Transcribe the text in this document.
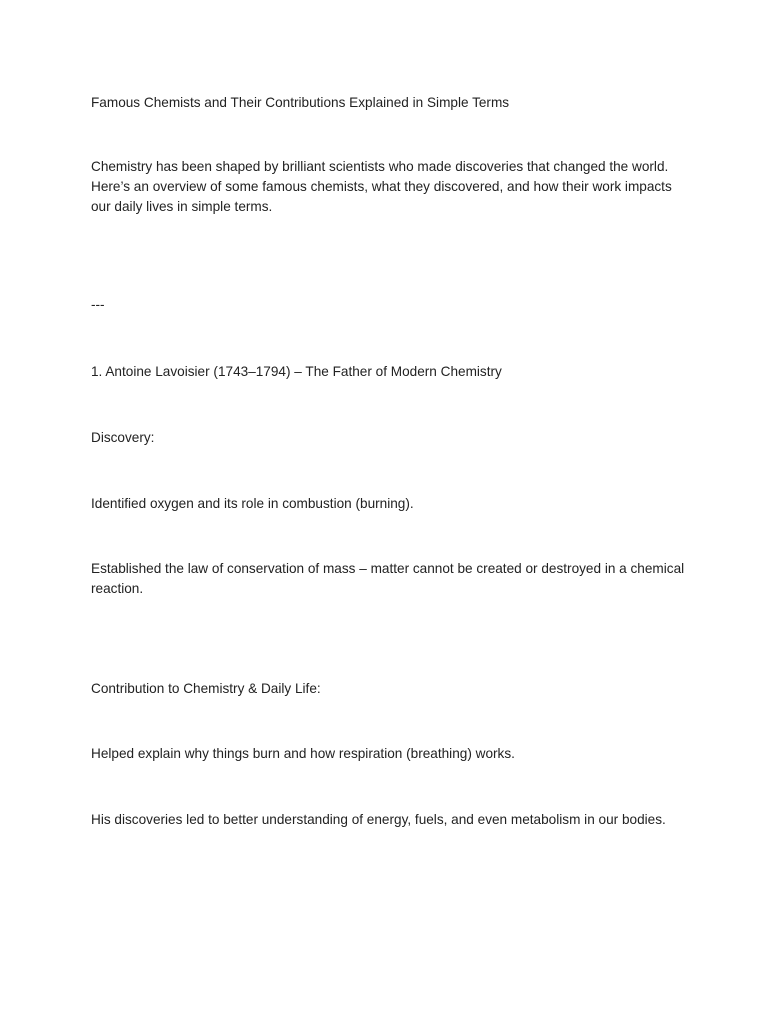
Famous Chemists and Their Contributions Explained in Simple Terms

Chemistry has been shaped by brilliant scientists who made discoveries that changed the world. Here’s an overview of some famous chemists, what they discovered, and how their work impacts our daily lives in simple terms.

---

1. Antoine Lavoisier (1743–1794) – The Father of Modern Chemistry

Discovery:

Identified oxygen and its role in combustion (burning).

Established the law of conservation of mass – matter cannot be created or destroyed in a chemical reaction.

Contribution to Chemistry & Daily Life:

Helped explain why things burn and how respiration (breathing) works.

His discoveries led to better understanding of energy, fuels, and even metabolism in our bodies.
